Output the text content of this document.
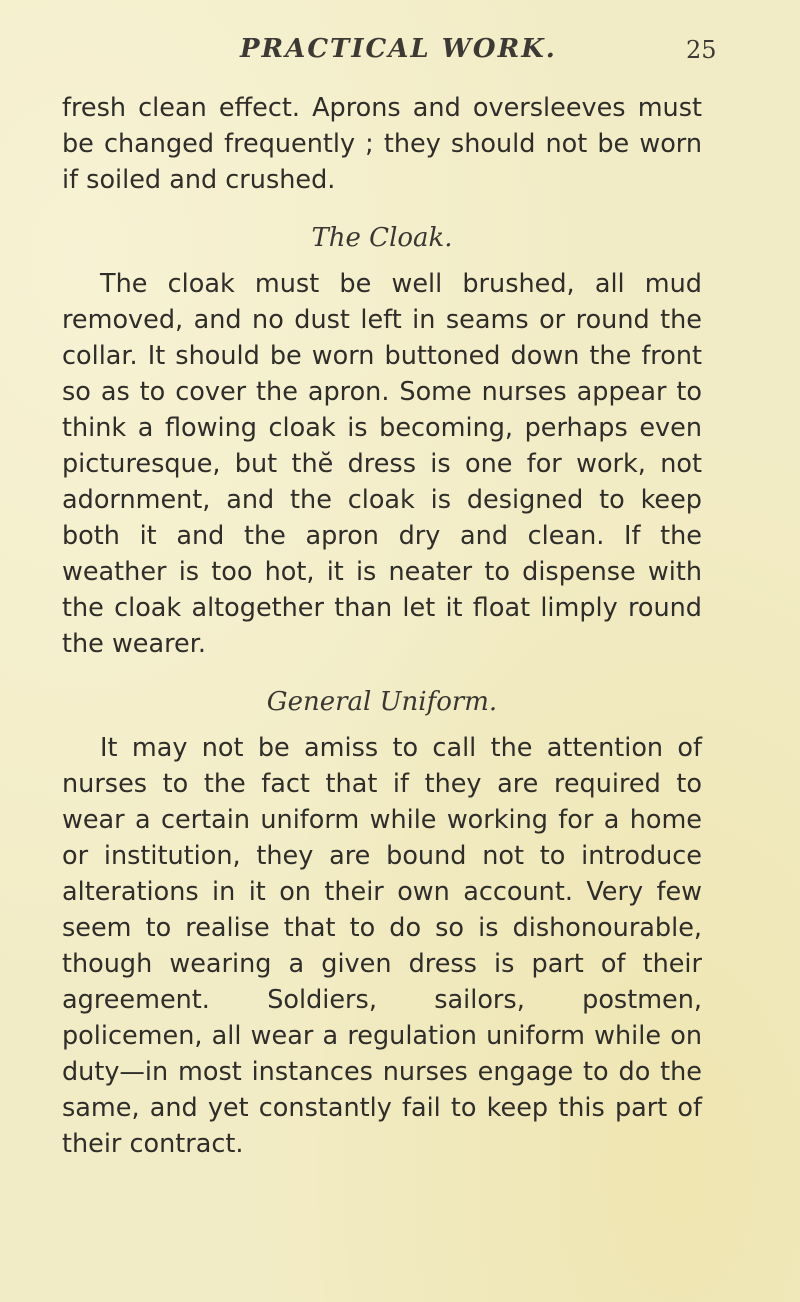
PRACTICAL WORK.	25

fresh clean effect. Aprons and oversleeves must be changed frequently ; they should not be worn if soiled and crushed.

The Cloak.

The cloak must be well brushed, all mud removed, and no dust left in seams or round the collar. It should be worn buttoned down the front so as to cover the apron. Some nurses appear to think a flowing cloak is becoming, perhaps even picturesque, but thĕ dress is one for work, not adornment, and the cloak is designed to keep both it and the apron dry and clean. If the weather is too hot, it is neater to dispense with the cloak altogether than let it float limply round the wearer.

General Uniform.

It may not be amiss to call the attention of nurses to the fact that if they are required to wear a certain uniform while working for a home or institution, they are bound not to introduce alterations in it on their own account. Very few seem to realise that to do so is dishonourable, though wearing a given dress is part of their agreement. Soldiers, sailors, postmen, policemen, all wear a regulation uniform while on duty—in most instances nurses engage to do the same, and yet constantly fail to keep this part of their contract.
